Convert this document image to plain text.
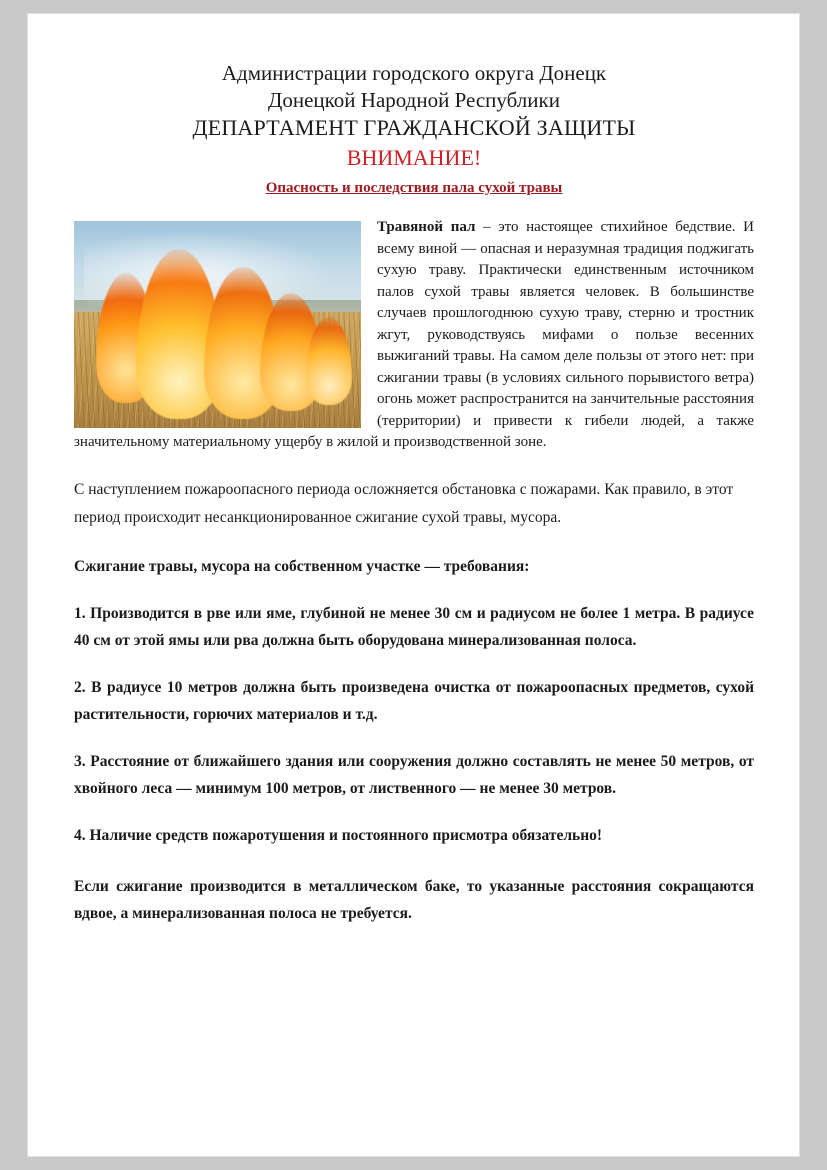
Администрации городского округа Донецк
Донецкой Народной Республики
ДЕПАРТАМЕНТ ГРАЖДАНСКОЙ ЗАЩИТЫ
ВНИМАНИЕ!
Опасность и последствия пала сухой травы
Травяной пал – это настоящее стихийное бедствие. И всему виной — опасная и неразумная традиция поджигать сухую траву. Практически единственным источником палов сухой травы является человек. В большинстве случаев прошлогоднюю сухую траву, стерню и тростник жгут, руководствуясь мифами о пользе весенних выжиганий травы. На самом деле пользы от этого нет: при сжигании травы (в условиях сильного порывистого ветра) огонь может распространится на занчительные расстояния (территории) и привести к гибели людей, а также значительному материальному ущербу в жилой и производственной зоне.
С наступлением пожароопасного периода осложняется обстановка с пожарами. Как правило, в этот период происходит несанкционированное сжигание сухой травы, мусора.
Сжигание травы, мусора на собственном участке — требования:
1. Производится в рве или яме, глубиной не менее 30 см и радиусом не более 1 метра. В радиусе 40 см от этой ямы или рва должна быть оборудована минерализованная полоса.
2. В радиусе 10 метров должна быть произведена очистка от пожароопасных предметов, сухой растительности, горючих материалов и т.д.
3. Расстояние от ближайшего здания или сооружения должно составлять не менее 50 метров, от хвойного леса — минимум 100 метров, от лиственного — не менее 30 метров.
4. Наличие средств пожаротушения и постоянного присмотра обязательно!
Если сжигание производится в металлическом баке, то указанные расстояния сокращаются вдвое, а минерализованная полоса не требуется.
